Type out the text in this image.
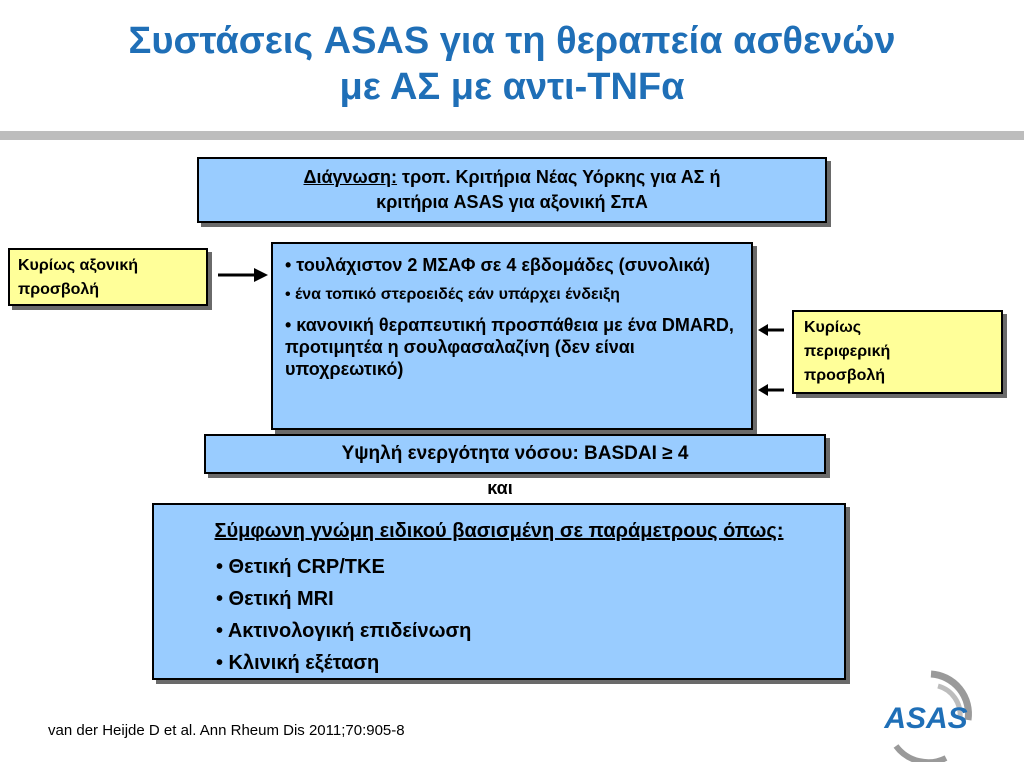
Συστάσεις ASAS για τη θεραπεία ασθενών
με ΑΣ με αντι-TNFα
Διάγνωση: τροπ. Κριτήρια Νέας Υόρκης για ΑΣ ή
κριτήρια ASAS για αξονική ΣπΑ
Κυρίως αξονική
προσβολή
• τουλάχιστον 2 ΜΣΑΦ σε 4 εβδομάδες (συνολικά)
• ένα τοπικό στεροειδές εάν υπάρχει ένδειξη
• κανονική θεραπευτική προσπάθεια με ένα DMARD, προτιμητέα η σουλφασαλαζίνη (δεν είναι υποχρεωτικό)
Κυρίως
περιφερική
προσβολή
Υψηλή ενεργότητα νόσου: BASDAI ≥ 4
και
Σύμφωνη γνώμη ειδικού βασισμένη σε παράμετρους όπως:
• Θετική CRP/TKE
• Θετική MRI
• Ακτινολογική επιδείνωση
• Κλινική εξέταση
van der Heijde D et al. Ann Rheum Dis 2011;70:905-8	ASAS
